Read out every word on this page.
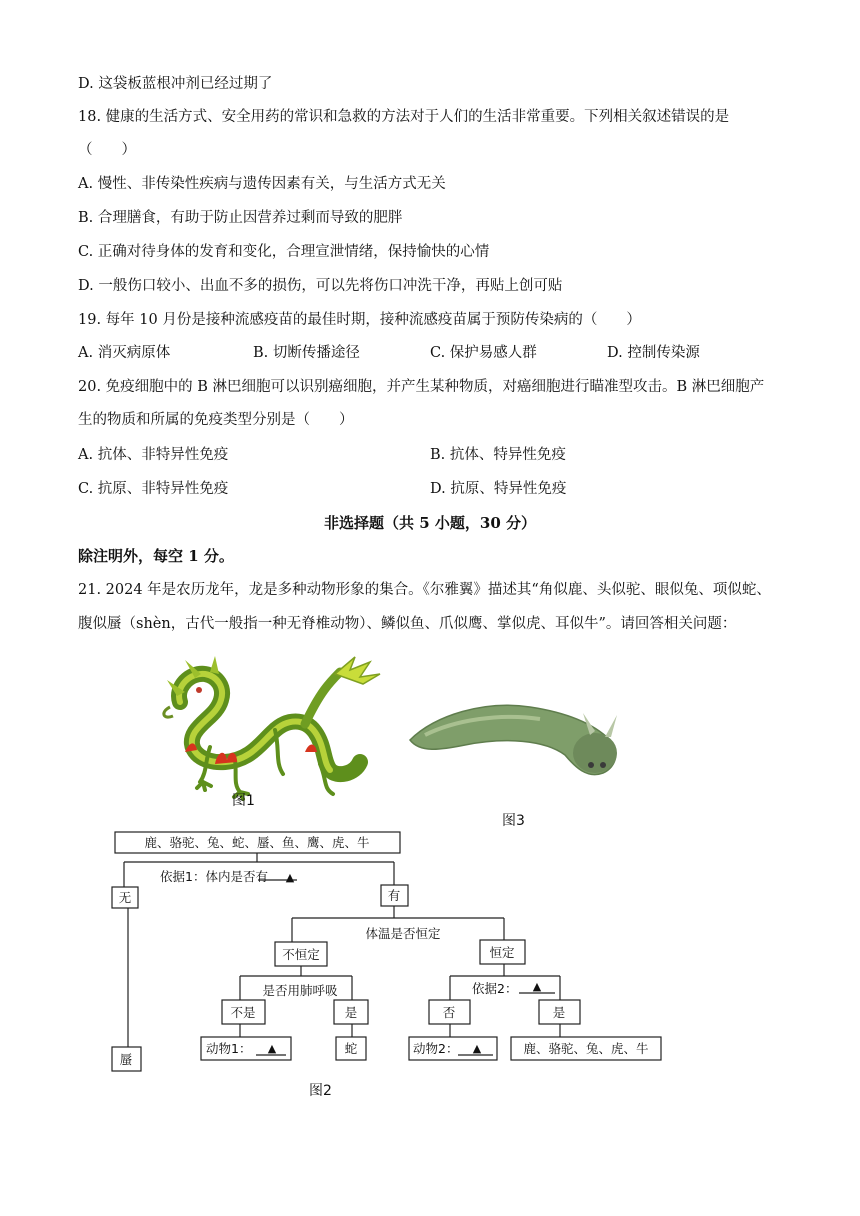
D. 这袋板蓝根冲剂已经过期了
18. 健康的生活方式、安全用药的常识和急救的方法对于人们的生活非常重要。下列相关叙述错误的是
（　　）
A. 慢性、非传染性疾病与遗传因素有关，与生活方式无关
B. 合理膳食，有助于防止因营养过剩而导致的肥胖
C. 正确对待身体的发育和变化，合理宣泄情绪，保持愉快的心情
D. 一般伤口较小、出血不多的损伤，可以先将伤口冲洗干净，再贴上创可贴
19. 每年 10 月份是接种流感疫苗的最佳时期，接种流感疫苗属于预防传染病的（　　）
A. 消灭病原体	B. 切断传播途径	C. 保护易感人群	D. 控制传染源
20. 免疫细胞中的 B 淋巴细胞可以识别癌细胞，并产生某种物质，对癌细胞进行瞄准型攻击。B 淋巴细胞产
生的物质和所属的免疫类型分别是（　　）
A. 抗体、非特异性免疫	B. 抗体、特异性免疫
C. 抗原、非特异性免疫	D. 抗原、特异性免疫
非选择题（共 5 小题，30 分）
除注明外，每空 1 分。
21. 2024 年是农历龙年，龙是多种动物形象的集合。《尔雅翼》描述其“角似鹿、头似驼、眼似兔、项似蛇、
腹似蜃（shèn，古代一般指一种无脊椎动物）、鳞似鱼、爪似鹰、掌似虎、耳似牛”。请回答相关问题：
图1
图3
鹿、骆驼、兔、蛇、蜃、鱼、鹰、虎、牛
依据1：体内是否有 ▲
无	有
蜃
体温是否恒定
不恒定	恒定
是否用肺呼吸
不是	是
动物1： ▲	蛇
依据2： ▲
否	是
动物2： ▲	鹿、骆驼、兔、虎、牛
图2
